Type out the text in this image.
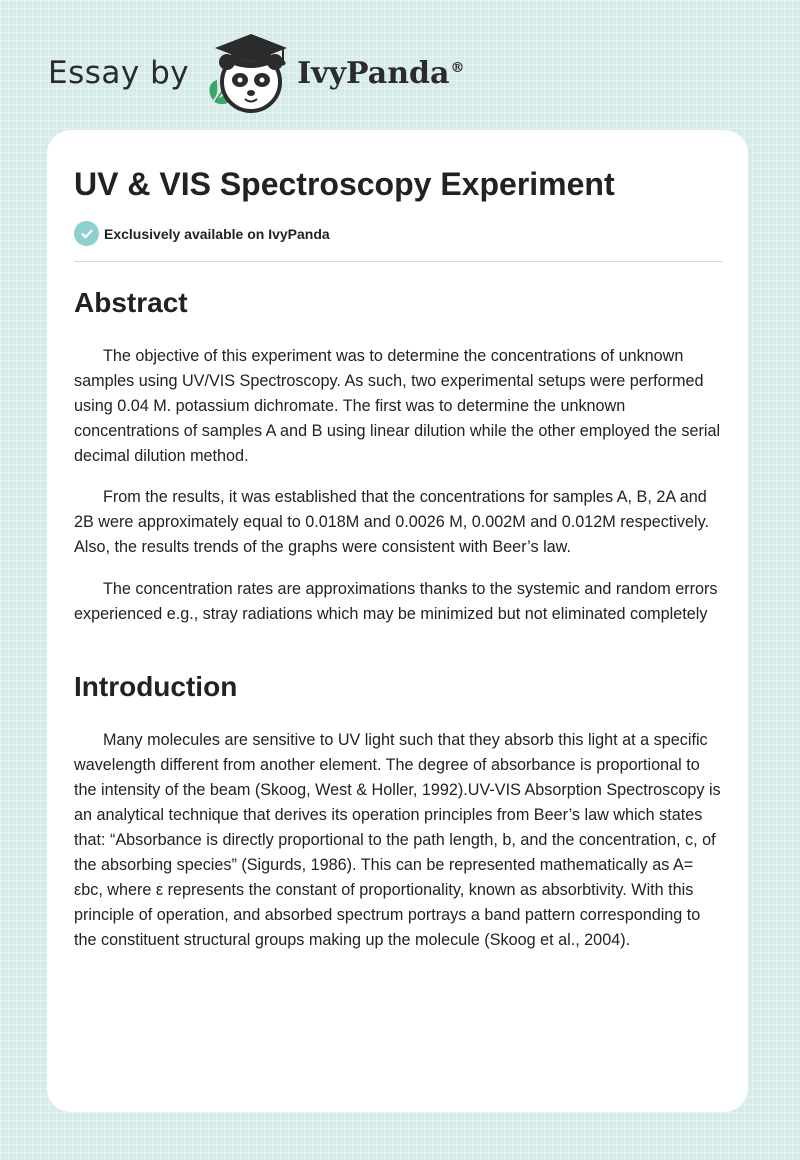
Essay by	IvyPanda®
UV & VIS Spectroscopy Experiment
Exclusively available on IvyPanda
Abstract

The objective of this experiment was to determine the concentrations of unknown samples using UV/VIS Spectroscopy. As such, two experimental setups were performed using 0.04 M. potassium dichromate. The first was to determine the unknown concentrations of samples A and B using linear dilution while the other employed the serial decimal dilution method.

From the results, it was established that the concentrations for samples A, B, 2A and 2B were approximately equal to 0.018M and 0.0026 M, 0.002M and 0.012M respectively. Also, the results trends of the graphs were consistent with Beer’s law.

The concentration rates are approximations thanks to the systemic and random errors experienced e.g., stray radiations which may be minimized but not eliminated completely

Introduction

Many molecules are sensitive to UV light such that they absorb this light at a specific wavelength different from another element. The degree of absorbance is proportional to the intensity of the beam (Skoog, West & Holler, 1992).UV-VIS Absorption Spectroscopy is an analytical technique that derives its operation principles from Beer’s law which states that: “Absorbance is directly proportional to the path length, b, and the concentration, c, of the absorbing species” (Sigurds, 1986). This can be represented mathematically as A= εbc, where ε represents the constant of proportionality, known as absorbtivity. With this principle of operation, and absorbed spectrum portrays a band pattern corresponding to the constituent structural groups making up the molecule (Skoog et al., 2004).
